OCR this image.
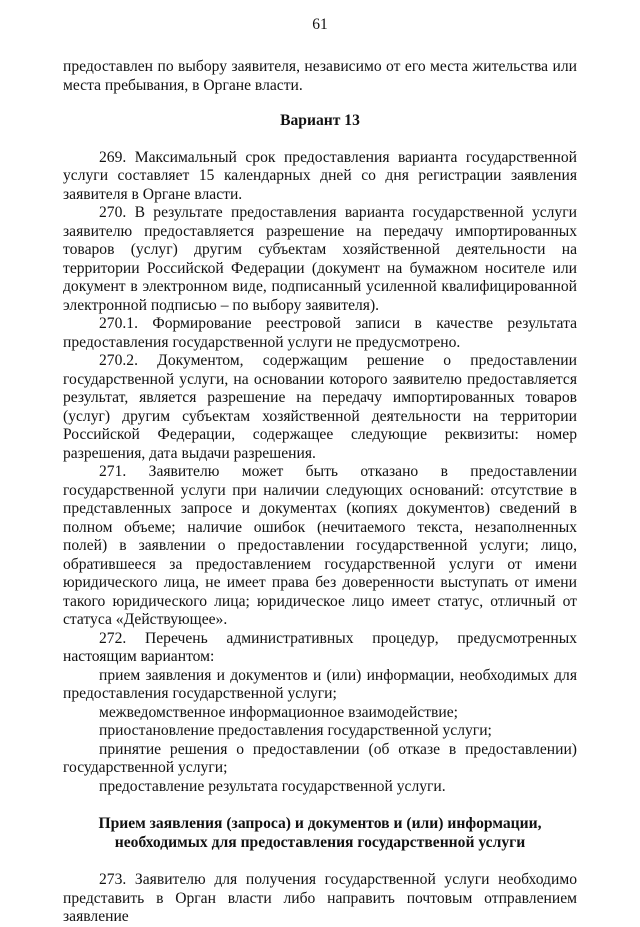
61

предоставлен по выбору заявителя, независимо от его места жительства или места пребывания, в Органе власти.

Вариант 13

269. Максимальный срок предоставления варианта государственной услуги составляет 15 календарных дней со дня регистрации заявления заявителя в Органе власти.

270. В результате предоставления варианта государственной услуги заявителю предоставляется разрешение на передачу импортированных товаров (услуг) другим субъектам хозяйственной деятельности на территории Российской Федерации (документ на бумажном носителе или документ в электронном виде, подписанный усиленной квалифицированной электронной подписью – по выбору заявителя).

270.1. Формирование реестровой записи в качестве результата предоставления государственной услуги не предусмотрено.

270.2. Документом, содержащим решение о предоставлении государственной услуги, на основании которого заявителю предоставляется результат, является разрешение на передачу импортированных товаров (услуг) другим субъектам хозяйственной деятельности на территории Российской Федерации, содержащее следующие реквизиты: номер разрешения, дата выдачи разрешения.

271. Заявителю может быть отказано в предоставлении государственной услуги при наличии следующих оснований: отсутствие в представленных запросе и документах (копиях документов) сведений в полном объеме; наличие ошибок (нечитаемого текста, незаполненных полей) в заявлении о предоставлении государственной услуги; лицо, обратившееся за предоставлением государственной услуги от имени юридического лица, не имеет права без доверенности выступать от имени такого юридического лица; юридическое лицо имеет статус, отличный от статуса «Действующее».

272. Перечень административных процедур, предусмотренных настоящим вариантом:

прием заявления и документов и (или) информации, необходимых для предоставления государственной услуги;

межведомственное информационное взаимодействие;

приостановление предоставления государственной услуги;

принятие решения о предоставлении (об отказе в предоставлении) государственной услуги;

предоставление результата государственной услуги.

Прием заявления (запроса) и документов и (или) информации, необходимых для предоставления государственной услуги

273. Заявителю для получения государственной услуги необходимо представить в Орган власти либо направить почтовым отправлением заявление
